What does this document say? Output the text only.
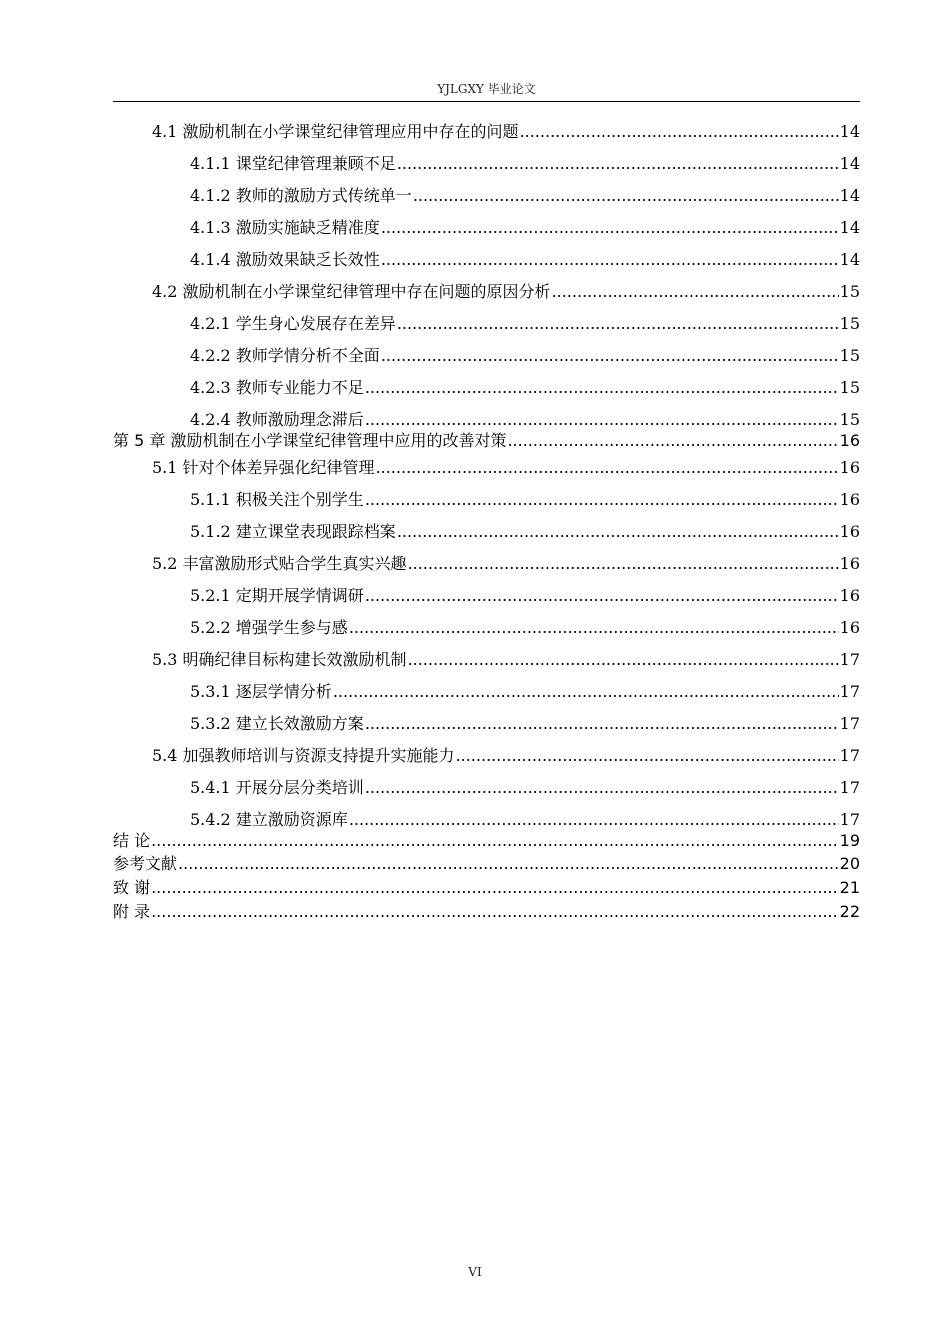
YJLGXY 毕业论文
4.1 激励机制在小学课堂纪律管理应用中存在的问题 .....	14
4.1.1 课堂纪律管理兼顾不足 .....	14
4.1.2 教师的激励方式传统单一 .....	14
4.1.3 激励实施缺乏精准度 .....	14
4.1.4 激励效果缺乏长效性 .....	14
4.2 激励机制在小学课堂纪律管理中存在问题的原因分析 .....	15
4.2.1 学生身心发展存在差异 .....	15
4.2.2 教师学情分析不全面 .....	15
4.2.3 教师专业能力不足 .....	15
4.2.4 教师激励理念滞后 .....	15
第 5 章 激励机制在小学课堂纪律管理中应用的改善对策 .....	16
5.1 针对个体差异强化纪律管理 .....	16
5.1.1 积极关注个别学生 .....	16
5.1.2 建立课堂表现跟踪档案 .....	16
5.2 丰富激励形式贴合学生真实兴趣 .....	16
5.2.1 定期开展学情调研 .....	16
5.2.2 增强学生参与感 .....	16
5.3 明确纪律目标构建长效激励机制 .....	17
5.3.1 逐层学情分析 .....	17
5.3.2 建立长效激励方案 .....	17
5.4 加强教师培训与资源支持提升实施能力 .....	17
5.4.1 开展分层分类培训 .....	17
5.4.2 建立激励资源库 .....	17
结 论 .....	19
参考文献 .....	20
致 谢 .....	21
附 录 .....	22
VI
